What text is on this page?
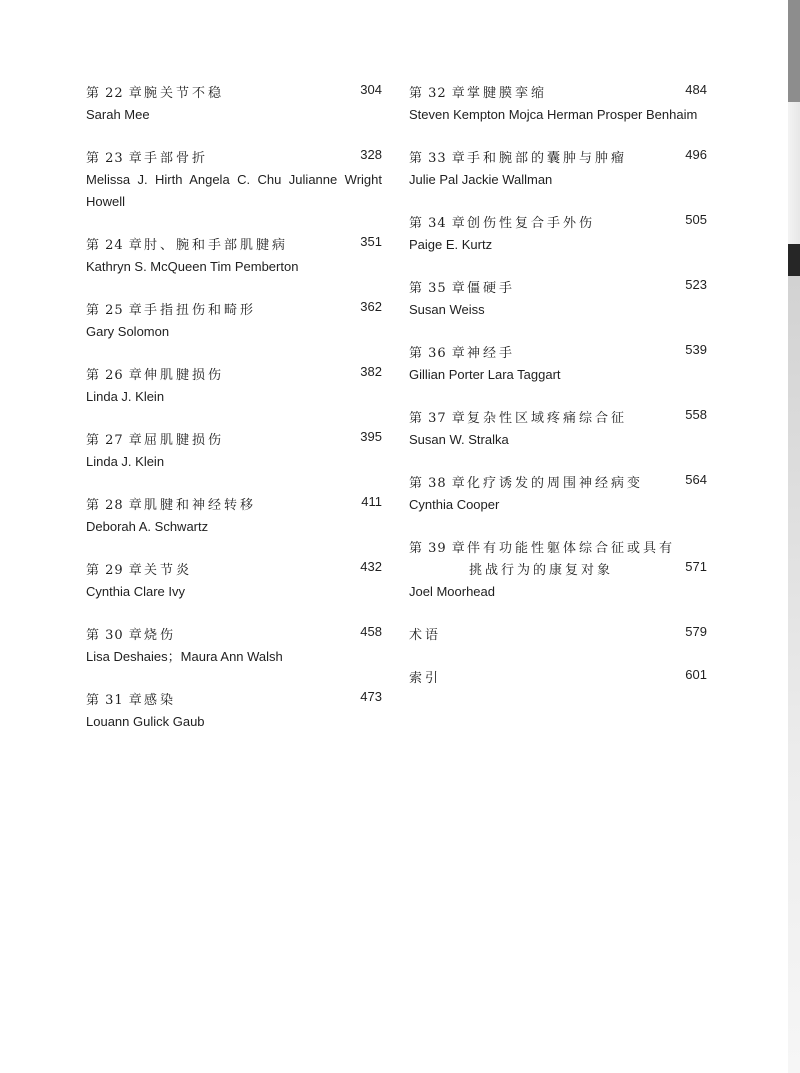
第 22 章 腕关节不稳	304
Sarah Mee
第 23 章 手部骨折	328
Melissa J. Hirth Angela C. Chu Julianne Wright Howell
第 24 章 肘、腕和手部肌腱病	351
Kathryn S. McQueen Tim Pemberton
第 25 章 手指扭伤和畸形	362
Gary Solomon
第 26 章 伸肌腱损伤	382
Linda J. Klein
第 27 章 屈肌腱损伤	395
Linda J. Klein
第 28 章 肌腱和神经转移	411
Deborah A. Schwartz
第 29 章 关节炎	432
Cynthia Clare Ivy
第 30 章 烧伤	458
Lisa Deshaies；Maura Ann Walsh
第 31 章 感染	473
Louann Gulick Gaub
第 32 章 掌腱膜挛缩	484
Steven Kempton Mojca Herman Prosper Benhaim
第 33 章 手和腕部的囊肿与肿瘤	496
Julie Pal Jackie Wallman
第 34 章 创伤性复合手外伤	505
Paige E. Kurtz
第 35 章 僵硬手	523
Susan Weiss
第 36 章 神经手	539
Gillian Porter Lara Taggart
第 37 章 复杂性区域疼痛综合征	558
Susan W. Stralka
第 38 章 化疗诱发的周围神经病变	564
Cynthia Cooper
第 39 章 伴有功能性躯体综合征或具有
挑战行为的康复对象	571
Joel Moorhead
术语	579
索引	601
